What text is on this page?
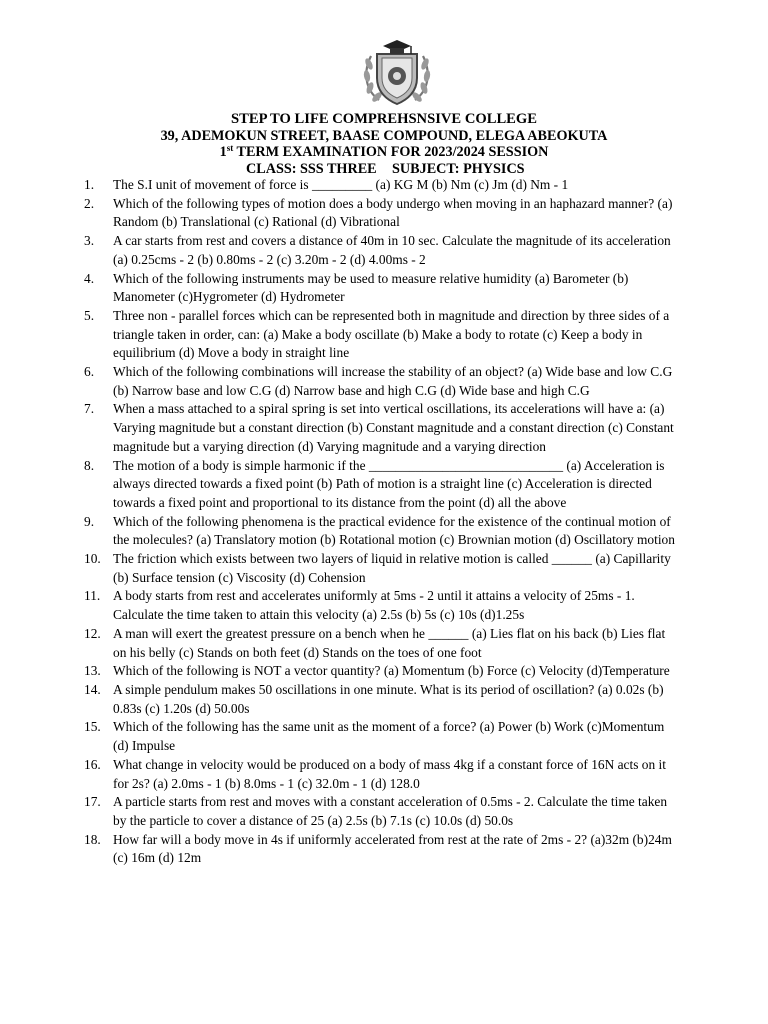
STEP TO LIFE COMPREHSNSIVE COLLEGE
39, ADEMOKUN STREET, BAASE COMPOUND, ELEGA ABEOKUTA
1st TERM EXAMINATION FOR 2023/2024 SESSION
CLASS: SSS THREE	SUBJECT: PHYSICS
1.	The S.I unit of movement of force is _________ (a) KG M (b) Nm (c) Jm (d) Nm - 1
2.	Which of the following types of motion does a body undergo when moving in an haphazard manner? (a) Random (b) Translational (c) Rational (d) Vibrational
3.	A car starts from rest and covers a distance of 40m in 10 sec. Calculate the magnitude of its acceleration (a) 0.25cms - 2 (b) 0.80ms - 2 (c) 3.20m - 2 (d) 4.00ms - 2
4.	Which of the following instruments may be used to measure relative humidity (a) Barometer (b) Manometer (c)Hygrometer (d) Hydrometer
5.	Three non - parallel forces which can be represented both in magnitude and direction by three sides of a triangle taken in order, can: (a) Make a body oscillate (b) Make a body to rotate (c) Keep a body in equilibrium (d) Move a body in straight line
6.	Which of the following combinations will increase the stability of an object? (a) Wide base and low C.G (b) Narrow base and low C.G (d) Narrow base and high C.G (d) Wide base and high C.G
7.	When a mass attached to a spiral spring is set into vertical oscillations, its accelerations will have a: (a) Varying magnitude but a constant direction (b) Constant magnitude and a constant direction (c) Constant magnitude but a varying direction (d) Varying magnitude and a varying direction
8.	The motion of a body is simple harmonic if the _____________________________ (a) Acceleration is always directed towards a fixed point (b) Path of motion is a straight line (c) Acceleration is directed towards a fixed point and proportional to its distance from the point (d) all the above
9.	Which of the following phenomena is the practical evidence for the existence of the continual motion of the molecules? (a) Translatory motion (b) Rotational motion (c) Brownian motion (d) Oscillatory motion
10. The friction which exists between two layers of liquid in relative motion is called ______ (a) Capillarity (b) Surface tension (c) Viscosity (d) Cohension
11. A body starts from rest and accelerates uniformly at 5ms - 2 until it attains a velocity of 25ms - 1. Calculate the time taken to attain this velocity (a) 2.5s (b) 5s (c) 10s (d)1.25s
12. A man will exert the greatest pressure on a bench when he ______ (a) Lies flat on his back (b) Lies flat on his belly (c) Stands on both feet (d) Stands on the toes of one foot
13. Which of the following is NOT a vector quantity? (a) Momentum (b) Force (c) Velocity (d)Temperature
14. A simple pendulum makes 50 oscillations in one minute. What is its period of oscillation? (a) 0.02s (b) 0.83s (c) 1.20s (d) 50.00s
15. Which of the following has the same unit as the moment of a force? (a) Power (b) Work (c)Momentum (d) Impulse
16. What change in velocity would be produced on a body of mass 4kg if a constant force of 16N acts on it for 2s? (a) 2.0ms - 1 (b) 8.0ms - 1 (c) 32.0m - 1 (d) 128.0
17. A particle starts from rest and moves with a constant acceleration of 0.5ms - 2. Calculate the time taken by the particle to cover a distance of 25 (a) 2.5s (b) 7.1s (c) 10.0s (d) 50.0s
18. How far will a body move in 4s if uniformly accelerated from rest at the rate of 2ms - 2? (a)32m (b)24m (c) 16m (d) 12m
